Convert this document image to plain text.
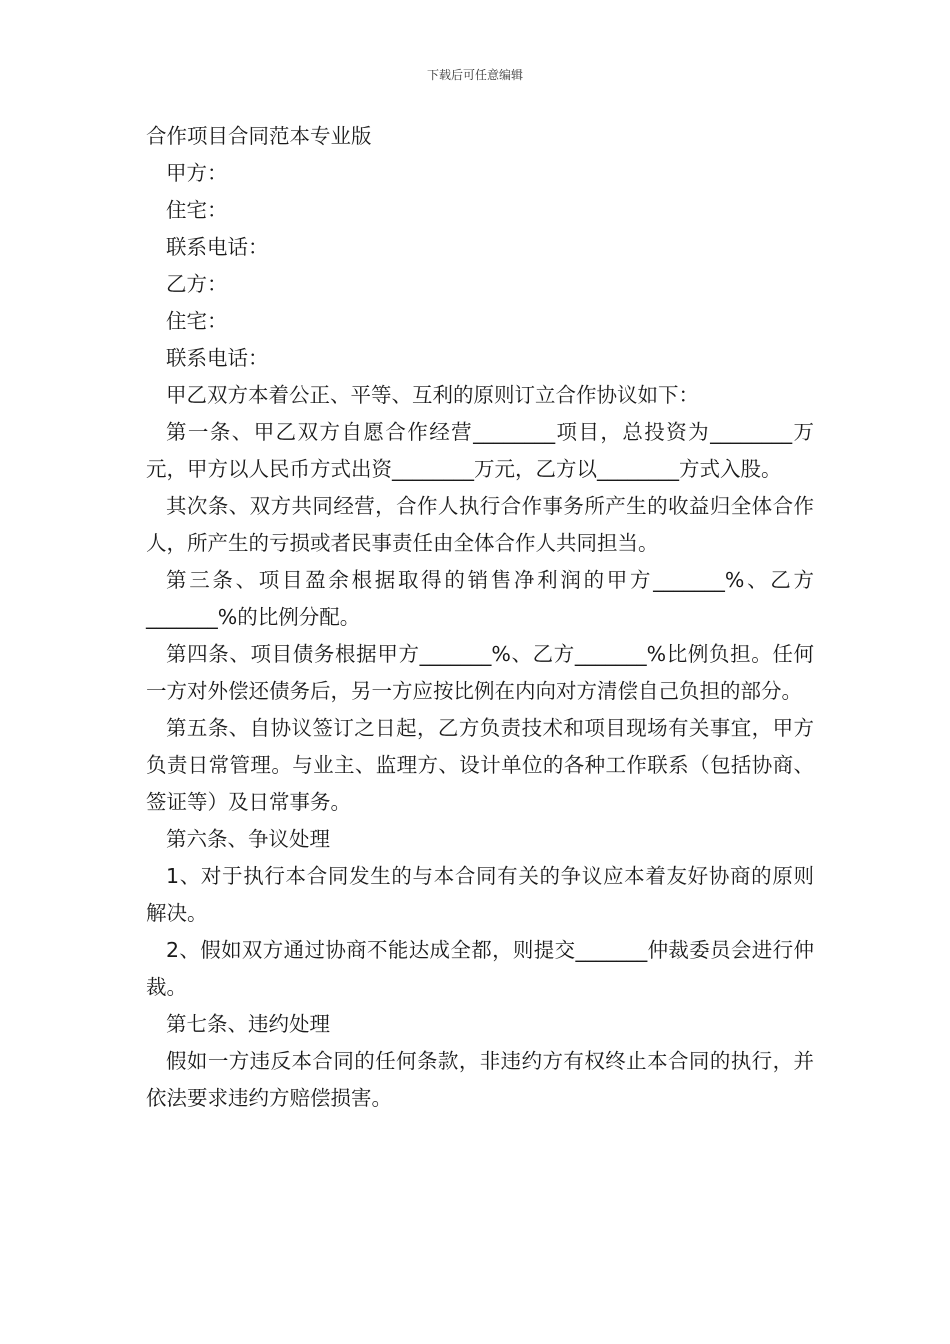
下载后可任意编辑
合作项目合同范本专业版

甲方：

住宅：

联系电话：

乙方：

住宅：

联系电话：

甲乙双方本着公正、平等、互利的原则订立合作协议如下：

第一条、甲乙双方自愿合作经营________项目，总投资为________万元，甲方以人民币方式出资________万元，乙方以________方式入股。

其次条、双方共同经营，合作人执行合作事务所产生的收益归全体合作人，所产生的亏损或者民事责任由全体合作人共同担当。

第三条、项目盈余根据取得的销售净利润的甲方_______%、乙方_______%的比例分配。

第四条、项目债务根据甲方_______%、乙方_______%比例负担。任何一方对外偿还债务后，另一方应按比例在内向对方清偿自己负担的部分。

第五条、自协议签订之日起，乙方负责技术和项目现场有关事宜，甲方负责日常管理。与业主、监理方、设计单位的各种工作联系（包括协商、签证等）及日常事务。

第六条、争议处理

1、对于执行本合同发生的与本合同有关的争议应本着友好协商的原则解决。

2、假如双方通过协商不能达成全都，则提交_______仲裁委员会进行仲裁。

第七条、违约处理

假如一方违反本合同的任何条款，非违约方有权终止本合同的执行，并依法要求违约方赔偿损害。
